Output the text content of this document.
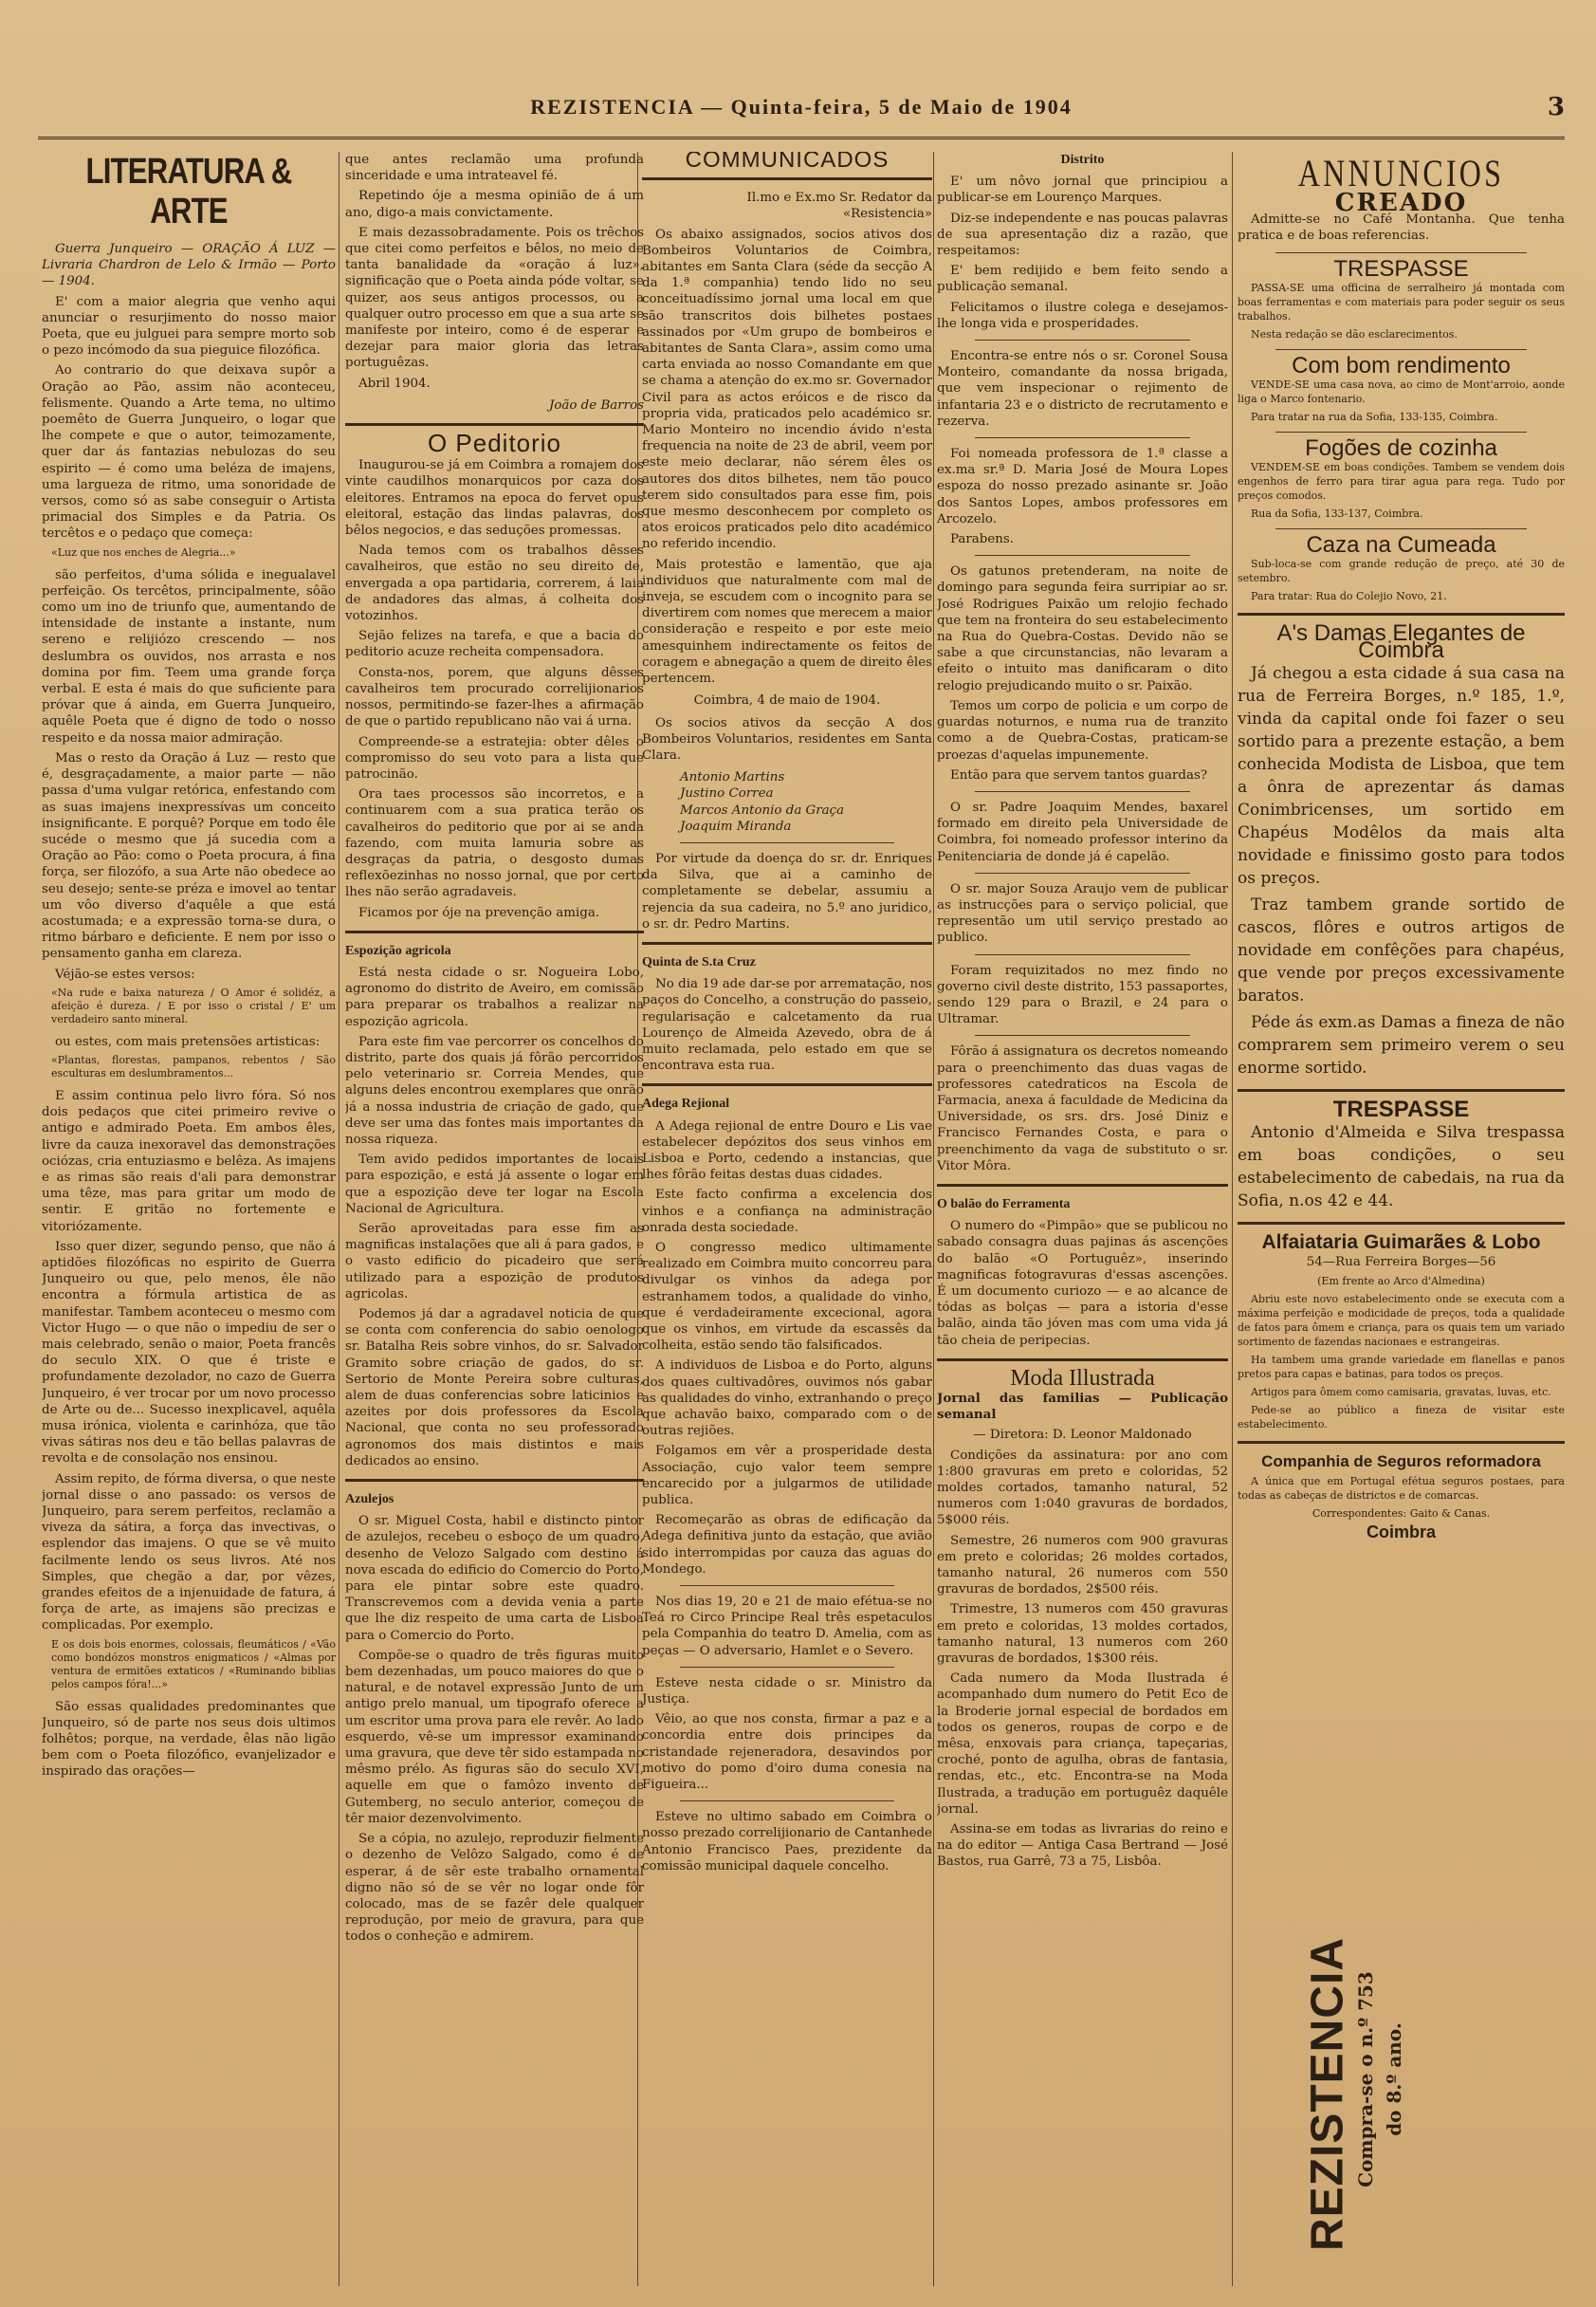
REZISTENCIA — Quinta-feira, 5 de Maio de 1904	3
LITERATURA & ARTE

Guerra Junqueiro — ORAÇÃO Á LUZ — Livraria Chardron de Lelo & Irmão — Porto — 1904.

E' com a maior alegria que venho aqui anunciar o resurjimento do nosso maior Poeta, que eu julguei para sempre morto sob o pezo incómodo da sua pieguice filozófica.

Ao contrario do que deixava supôr a Oração ao Pão, assim não aconteceu, felismente. Quando a Arte tema, no ultimo poemêto de Guerra Junqueiro, o logar que lhe compete e que o autor, teimozamente, quer dar ás fantazias nebulozas do seu espirito — é como uma beléza de imajens, uma largueza de ritmo, uma sonoridade de versos, como só as sabe conseguir o Artista primacial dos Simples e da Patria. Os tercêtos e o pedaço que começa:

«Luz que nos enches de Alegria...»

são perfeitos, d'uma sólida e inegualavel perfeição. Os tercêtos, principalmente, sôão como um ino de triunfo que, aumentando de intensidade de instante a instante, num sereno e relijiózo crescendo — nos deslumbra os ouvidos, nos arrasta e nos domina por fim. Teem uma grande força verbal. E esta é mais do que suficiente para próvar que á ainda, em Guerra Junqueiro, aquêle Poeta que é digno de todo o nosso respeito e da nossa maior admiração.

Mas o resto da Oração á Luz — resto que é, desgraçadamente, a maior parte — não passa d'uma vulgar retórica, enfestando com as suas imajens inexpressívas um conceito insignificante. E porquê? Porque em todo êle sucéde o mesmo que já sucedia com a Oração ao Pão: como o Poeta procura, á fina força, ser filozófo, a sua Arte não obedece ao seu desejo; sente-se préza e imovel ao tentar um vôo diverso d'aquêle a que está acostumada; e a expressão torna-se dura, o ritmo bárbaro e deficiente. E nem por isso o pensamento ganha em clareza.

Véjão-se estes versos:

«Na rude e baixa natureza / O Amor é solidéz, a afeição é dureza. / E por isso o cristal / E' um verdadeiro santo mineral.

ou estes, com mais pretensões artisticas:

«Plantas, florestas, pampanos, rebentos / São esculturas em deslumbramentos...

E assim continua pelo livro fóra. Só nos dois pedaços que citei primeiro revive o antigo e admirado Poeta. Em ambos êles, livre da cauza inexoravel das demonstrações ociózas, cria entuziasmo e belêza. As imajens e as rimas são reais d'ali para demonstrar uma têze, mas para gritar um modo de sentir. E gritão no fortemente e vitoriózamente.

Isso quer dizer, segundo penso, que não á aptidões filozóficas no espirito de Guerra Junqueiro ou que, pelo menos, êle não encontra a fórmula artistica de as manifestar. Tambem aconteceu o mesmo com Victor Hugo — o que não o impediu de ser o mais celebrado, senão o maior, Poeta francês do seculo XIX. O que é triste e profundamente dezolador, no cazo de Guerra Junqueiro, é ver trocar por um novo processo de Arte ou de... Sucesso inexplicavel, aquêla musa irónica, violenta e carinhóza, que tão vivas sátiras nos deu e tão bellas palavras de revolta e de consolação nos ensinou.

Assim repito, de fórma diversa, o que neste jornal disse o ano passado: os versos de Junqueiro, para serem perfeitos, reclamão a viveza da sátira, a força das invectivas, o esplendor das imajens. O que se vê muito facilmente lendo os seus livros. Até nos Simples, que chegão a dar, por vêzes, grandes efeitos de a injenuidade de fatura, á força de arte, as imajens são precizas e complicadas. Por exemplo.

E os dois bois enormes, colossais, fleumáticos / «Vão como bondózos monstros enigmaticos / «Almas por ventura de ermitões extaticos / «Ruminando biblias pelos campos fóra!...»

São essas qualidades predominantes que Junqueiro, só de parte nos seus dois ultimos folhêtos; porque, na verdade, êlas não ligão bem com o Poeta filozófico, evanjelizador e inspirado das orações—

que antes reclamão uma profunda sinceridade e uma intrateavel fé.

Repetindo óje a mesma opinião de á um ano, digo-a mais convictamente.

E mais dezassobradamente. Pois os trêchos que citei como perfeitos e bêlos, no meio de tanta banalidade da «oração á luz», significação que o Poeta ainda póde voltar, se quizer, aos seus antigos processos, ou a qualquer outro processo em que a sua arte se manifeste por inteiro, como é de esperar e dezejar para maior gloria das letras portuguêzas.

Abril 1904.

João de Barros
O Peditorio

Inaugurou-se já em Coimbra a romajem dos vinte caudilhos monarquicos por caza dos eleitores. Entramos na epoca do fervet opus eleitoral, estação das lindas palavras, dos bêlos negocios, e das seduções promessas.

Nada temos com os trabalhos dêsses cavalheiros, que estão no seu direito de, envergada a opa partidaria, correrem, á laia de andadores das almas, á colheita dos votozinhos.

Sejão felizes na tarefa, e que a bacia do peditorio acuze recheita compensadora.

Consta-nos, porem, que alguns dêsses cavalheiros tem procurado correlijionarios nossos, permitindo-se fazer-lhes a afirmação de que o partido republicano não vai á urna.

Compreende-se a estratejia: obter dêles o compromisso do seu voto para a lista que patrocinão.

Ora taes processos são incorretos, e a continuarem com a sua pratica terão os cavalheiros do peditorio que por ai se anda fazendo, com muita lamuria sobre as desgraças da patria, o desgosto dumas reflexõezinhas no nosso jornal, que por certo lhes não serão agradaveis.

Ficamos por óje na prevenção amiga.

Espozição agricola

Está nesta cidade o sr. Nogueira Lobo, agronomo do distrito de Aveiro, em comissão para preparar os trabalhos a realizar na espozição agricola.

Para este fim vae percorrer os concelhos do distrito, parte dos quais já fôrão percorridos pelo veterinario sr. Correia Mendes, que alguns deles encontrou exemplares que onrão já a nossa industria de criação de gado, que deve ser uma das fontes mais importantes da nossa riqueza.

Tem avido pedidos importantes de locais para espozição, e está já assente o logar em que a espozição deve ter logar na Escola Nacional de Agricultura.

Serão aproveitadas para esse fim as magnificas instalações que ali á para gados, e o vasto edificio do picadeiro que será utilizado para a espozição de produtos agricolas.

Podemos já dar a agradavel noticia de que se conta com conferencia do sabio oenologo sr. Batalha Reis sobre vinhos, do sr. Salvador Gramito sobre criação de gados, do sr. Sertorio de Monte Pereira sobre culturas, alem de duas conferencias sobre laticinios e azeites por dois professores da Escola Nacional, que conta no seu professorado agronomos dos mais distintos e mais dedicados ao ensino.

Azulejos

O sr. Miguel Costa, habil e distincto pintor de azulejos, recebeu o esboço de um quadro, desenho de Velozo Salgado com destino á nova escada do edificio do Comercio do Porto, para ele pintar sobre este quadro. Transcrevemos com a devida venia a parte que lhe diz respeito de uma carta de Lisboa para o Comercio do Porto.

Compõe-se o quadro de três figuras muito bem dezenhadas, um pouco maiores do que o natural, e de notavel expressão Junto de um antigo prelo manual, um tipografo oferece a um escritor uma prova para ele revêr. Ao lado esquerdo, vê-se um impressor examinando uma gravura, que deve têr sido estampada no mêsmo prélo. As figuras são do seculo XVI, aquelle em que o famôzo invento de Gutemberg, no seculo anterior, começou de têr maior dezenvolvimento.

Se a cópia, no azulejo, reproduzir fielmente o dezenho de Velôzo Salgado, como é de esperar, á de sêr este trabalho ornamental digno não só de se vêr no logar onde fôr colocado, mas de se fazêr dele qualquer reprodução, por meio de gravura, para que todos o conheção e admirem.

COMMUNICADOS

Il.mo e Ex.mo Sr. Redator da «Resistencia»

Os abaixo assignados, socios ativos dos Bombeiros Voluntarios de Coimbra, abitantes em Santa Clara (séde da secção A da 1.ª companhia) tendo lido no seu conceituadíssimo jornal uma local em que são transcritos dois bilhetes postaes assinados por «Um grupo de bombeiros e abitantes de Santa Clara», assim como uma carta enviada ao nosso Comandante em que se chama a atenção do ex.mo sr. Governador Civil para as actos eróicos e de risco da propria vida, praticados pelo académico sr. Mario Monteiro no incendio ávido n'esta frequencia na noite de 23 de abril, veem por este meio declarar, não sérem êles os autores dos ditos bilhetes, nem tão pouco terem sido consultados para esse fim, pois que mesmo desconhecem por completo os atos eroicos praticados pelo dito académico no referido incendio.

Mais protestão e lamentão, que aja individuos que naturalmente com mal de inveja, se escudem com o incognito para se divertirem com nomes que merecem a maior consideração e respeito e por este meio amesquinhem indirectamente os feitos de coragem e abnegação a quem de direito êles pertencem.

Coimbra, 4 de maio de 1904.

Os socios ativos da secção A dos Bombeiros Voluntarios, residentes em Santa Clara.

Antonio Martins
Justino Correa
Marcos Antonio da Graça
Joaquim Miranda

Por virtude da doença do sr. dr. Enriques da Silva, que ai a caminho de completamente se debelar, assumiu a rejencia da sua cadeira, no 5.º ano juridico, o sr. dr. Pedro Martins.

Quinta de S.ta Cruz

No dia 19 ade dar-se por arrematação, nos paços do Concelho, a construção do passeio, regularisação e calcetamento da rua Lourenço de Almeida Azevedo, obra de á muito reclamada, pelo estado em que se encontrava esta rua.

Adega Rejional

A Adega rejional de entre Douro e Lis vae estabelecer depózitos dos seus vinhos em Lisboa e Porto, cedendo a instancias, que lhes fôrão feitas destas duas cidades.

Este facto confirma a excelencia dos vinhos e a confiança na administração onrada desta sociedade.

O congresso medico ultimamente realizado em Coimbra muito concorreu para divulgar os vinhos da adega por estranhamem todos, a qualidade do vinho, que é verdadeiramente excecional, agora que os vinhos, em virtude da escassês da colheita, estão sendo tão falsificados.

A individuos de Lisboa e do Porto, alguns dos quaes cultivadôres, ouvimos nós gabar as qualidades do vinho, extranhando o preço que achavão baixo, comparado com o de outras rejiões.

Folgamos em vêr a prosperidade desta Associação, cujo valor teem sempre encarecido por a julgarmos de utilidade publica.

Recomeçarão as obras de edificação da Adega definitiva junto da estação, que avião sido interrompidas por cauza das aguas do Mondego.

Nos dias 19, 20 e 21 de maio efétua-se no Teá ro Circo Principe Real três espetaculos pela Companhia do teatro D. Amelia, com as peças — O adversario, Hamlet e o Severo.

Esteve nesta cidade o sr. Ministro da Justiça.

Vêio, ao que nos consta, firmar a paz e a concordia entre dois principes da cristandade rejeneradora, desavindos por motivo do pomo d'oiro duma conesia na Figueira...

Esteve no ultimo sabado em Coimbra o nosso prezado correlijionario de Cantanhede Antonio Francisco Paes, prezidente da comissão municipal daquele concelho.

Distrito

E' um nôvo jornal que principiou a publicar-se em Lourenço Marques.

Diz-se independente e nas poucas palavras de sua apresentação diz a razão, que respeitamos:

E' bem redijido e bem feito sendo a publicação semanal.

Felicitamos o ilustre colega e desejamos-lhe longa vida e prosperidades.

Encontra-se entre nós o sr. Coronel Sousa Monteiro, comandante da nossa brigada, que vem inspecionar o rejimento de infantaria 23 e o districto de recrutamento e rezerva.

Foi nomeada professora de 1.ª classe a ex.ma sr.ª D. Maria José de Moura Lopes espoza do nosso prezado asinante sr. João dos Santos Lopes, ambos professores em Arcozelo.

Parabens.

Os gatunos pretenderam, na noite de domingo para segunda feira surripiar ao sr. José Rodrigues Paixão um relojio fechado que tem na fronteira do seu estabelecimento na Rua do Quebra-Costas. Devido não se sabe a que circunstancias, não levaram a efeito o intuito mas danificaram o dito relogio prejudicando muito o sr. Paixão.

Temos um corpo de policia e um corpo de guardas noturnos, e numa rua de tranzito como a de Quebra-Costas, praticam-se proezas d'aquelas impunemente.

Então para que servem tantos guardas?

O sr. Padre Joaquim Mendes, baxarel formado em direito pela Universidade de Coimbra, foi nomeado professor interino da Penitenciaria de donde já é capelão.

O sr. major Souza Araujo vem de publicar as instrucções para o serviço policial, que representão um util serviço prestado ao publico.

Foram requizitados no mez findo no governo civil deste distrito, 153 passaportes, sendo 129 para o Brazil, e 24 para o Ultramar.

Fôrão á assignatura os decretos nomeando para o preenchimento das duas vagas de professores catedraticos na Escola de Farmacia, anexa á faculdade de Medicina da Universidade, os srs. drs. José Diniz e Francisco Fernandes Costa, e para o preenchimento da vaga de substituto o sr. Vitor Môra.

O balão do Ferramenta

O numero do «Pimpão» que se publicou no sabado consagra duas pajinas ás ascenções do balão «O Portuguêz», inserindo magnificas fotogravuras d'essas ascenções. É um documento curiozo — e ao alcance de tódas as bolças — para a istoria d'esse balão, ainda tão jóven mas com uma vida já tão cheia de peripecias.

Moda Illustrada

Jornal das familias — Publicação semanal

— Diretora: D. Leonor Maldonado

Condições da assinatura: por ano com 1:800 gravuras em preto e coloridas, 52 moldes cortados, tamanho natural, 52 numeros com 1:040 gravuras de bordados, 5$000 réis.

Semestre, 26 numeros com 900 gravuras em preto e coloridas; 26 moldes cortados, tamanho natural, 26 numeros com 550 gravuras de bordados, 2$500 réis.

Trimestre, 13 numeros com 450 gravuras em preto e coloridas, 13 moldes cortados, tamanho natural, 13 numeros com 260 gravuras de bordados, 1$300 réis.

Cada numero da Moda Ilustrada é acompanhado dum numero do Petit Eco de la Broderie jornal especial de bordados em todos os generos, roupas de corpo e de mêsa, enxovais para criança, tapeçarias, croché, ponto de agulha, obras de fantasia, rendas, etc., etc. Encontra-se na Moda Ilustrada, a tradução em portuguêz daquêle jornal.

Assina-se em todas as livrarias do reino e na do editor — Antiga Casa Bertrand — José Bastos, rua Garrê, 73 a 75, Lisbôa.

ANNUNCIOS
CREADO

Admitte-se no Café Montanha. Que tenha pratica e de boas referencias.

TRESPASSE

PASSA-SE uma officina de serralheiro já montada com boas ferramentas e com materiais para poder seguir os seus trabalhos.

Nesta redação se dão esclarecimentos.

Com bom rendimento

VENDE-SE uma casa nova, ao cimo de Mont'arroio, aonde liga o Marco fontenario.

Para tratar na rua da Sofia, 133-135, Coimbra.

Fogões de cozinha

VENDEM-SE em boas condições. Tambem se vendem dois engenhos de ferro para tirar agua para rega. Tudo por preços comodos.

Rua da Sofia, 133-137, Coimbra.

Caza na Cumeada

Sub-loca-se com grande redução de preço, até 30 de setembro.

Para tratar: Rua do Colejio Novo, 21.

A's Damas Elegantes de Coimbra

Já chegou a esta cidade á sua casa na rua de Ferreira Borges, n.º 185, 1.º, vinda da capital onde foi fazer o seu sortido para a prezente estação, a bem conhecida Modista de Lisboa, que tem a ônra de aprezentar ás damas Conimbricenses, um sortido em Chapéus Modêlos da mais alta novidade e finissimo gosto para todos os preços.

Traz tambem grande sortido de cascos, flôres e outros artigos de novidade em confêções para chapéus, que vende por preços excessivamente baratos.

Péde ás exm.as Damas a fineza de não comprarem sem primeiro verem o seu enorme sortido.

TRESPASSE

Antonio d'Almeida e Silva trespassa em boas condições, o seu estabelecimento de cabedais, na rua da Sofia, n.os 42 e 44.

Alfaiataria Guimarães & Lobo

54—Rua Ferreira Borges—56

(Em frente ao Arco d'Almedina)

Abriu este novo estabelecimento onde se executa com a máxima perfeição e modicidade de preços, toda a qualidade de fatos para ômem e criança, para os quais tem um variado sortimento de fazendas nacionaes e estrangeiras.

Ha tambem uma grande variedade em flanellas e panos pretos para capas e batinas, para todos os preços.

Artigos para ômem como camisaria, gravatas, luvas, etc.

Pede-se ao público a fineza de visitar este estabelecimento.

Companhia de Seguros reformadora

A única que em Portugal efétua seguros postaes, para todas as cabeças de districtos e de comarcas.

Correspondentes: Gaito & Canas.

Coimbra
REZISTENCIA Compra-se o n.º 753 do 8.º ano.
